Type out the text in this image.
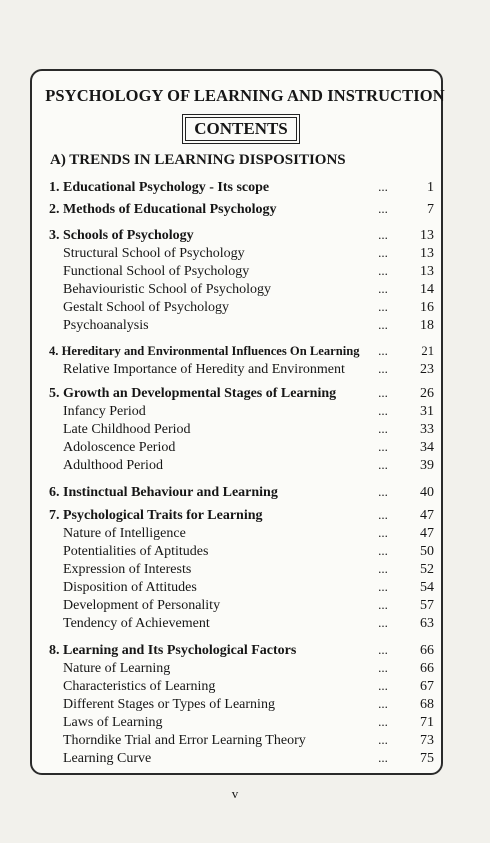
PSYCHOLOGY OF LEARNING AND INSTRUCTION
CONTENTS
A) TRENDS IN LEARNING DISPOSITIONS
1. Educational Psychology - Its scope	...	1
2. Methods of Educational Psychology	...	7
3. Schools of Psychology	...	13
Structural School of Psychology	...	13
Functional School of Psychology	...	13
Behaviouristic School of Psychology	...	14
Gestalt School of Psychology	...	16
Psychoanalysis	...	18
4. Hereditary and Environmental Influences On Learning	...	21
Relative Importance of Heredity and Environment	...	23
5. Growth an Developmental Stages of Learning	...	26
Infancy Period	...	31
Late Childhood Period	...	33
Adoloscence Period	...	34
Adulthood Period	...	39
6. Instinctual Behaviour and Learning	...	40
7. Psychological Traits for Learning	...	47
Nature of Intelligence	...	47
Potentialities of Aptitudes	...	50
Expression of Interests	...	52
Disposition of Attitudes	...	54
Development of Personality	...	57
Tendency of Achievement	...	63
8. Learning and Its Psychological Factors	...	66
Nature of Learning	...	66
Characteristics of Learning	...	67
Different Stages or Types of Learning	...	68
Laws of Learning	...	71
Thorndike Trial and Error Learning Theory	...	73
Learning Curve	...	75
v
